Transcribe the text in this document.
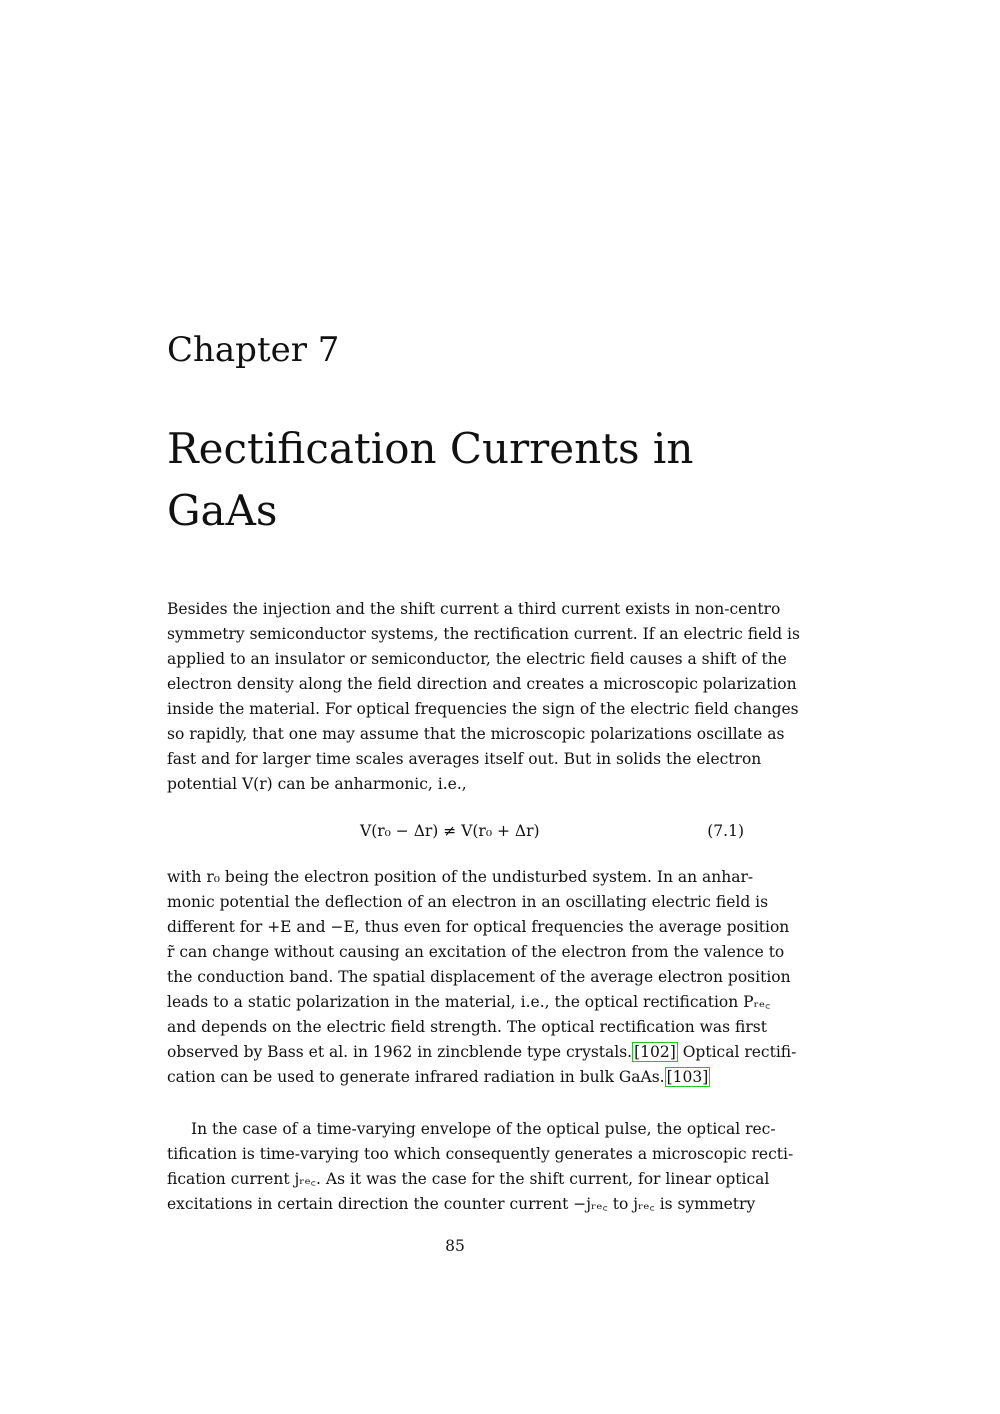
Chapter 7
Rectification Currents in
GaAs
Besides the injection and the shift current a third current exists in non-centro
symmetry semiconductor systems, the rectification current. If an electric field is
applied to an insulator or semiconductor, the electric field causes a shift of the
electron density along the field direction and creates a microscopic polarization
inside the material. For optical frequencies the sign of the electric field changes
so rapidly, that one may assume that the microscopic polarizations oscillate as
fast and for larger time scales averages itself out. But in solids the electron
potential V(r) can be anharmonic, i.e.,
V(r₀ − Δr) ≠ V(r₀ + Δr)	(7.1)
with r₀ being the electron position of the undisturbed system. In an anhar-
monic potential the deflection of an electron in an oscillating electric field is
different for +E and −E, thus even for optical frequencies the average position
r̃ can change without causing an excitation of the electron from the valence to
the conduction band. The spatial displacement of the average electron position
leads to a static polarization in the material, i.e., the optical rectification Pᵣₑ꜀
and depends on the electric field strength. The optical rectification was first
observed by Bass et al. in 1962 in zincblende type crystals. [102] Optical rectifi-
cation can be used to generate infrared radiation in bulk GaAs. [103]
In the case of a time-varying envelope of the optical pulse, the optical rec-
tification is time-varying too which consequently generates a microscopic recti-
fication current jᵣₑ꜀. As it was the case for the shift current, for linear optical
excitations in certain direction the counter current −jᵣₑ꜀ to jᵣₑ꜀ is symmetry
85
